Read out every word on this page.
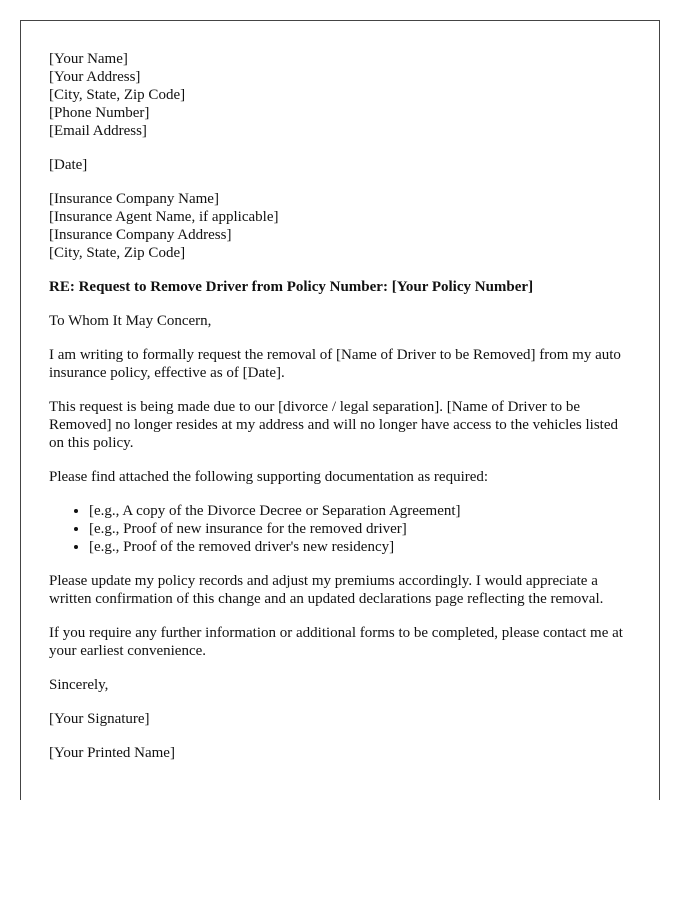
[Your Name]
[Your Address]
[City, State, Zip Code]
[Phone Number]
[Email Address]

[Date]

[Insurance Company Name]
[Insurance Agent Name, if applicable]
[Insurance Company Address]
[City, State, Zip Code]

RE: Request to Remove Driver from Policy Number: [Your Policy Number]

To Whom It May Concern,

I am writing to formally request the removal of [Name of Driver to be Removed] from my auto insurance policy, effective as of [Date].

This request is being made due to our [divorce / legal separation]. [Name of Driver to be Removed] no longer resides at my address and will no longer have access to the vehicles listed on this policy.

Please find attached the following supporting documentation as required:

• [e.g., A copy of the Divorce Decree or Separation Agreement]
• [e.g., Proof of new insurance for the removed driver]
• [e.g., Proof of the removed driver's new residency]

Please update my policy records and adjust my premiums accordingly. I would appreciate a written confirmation of this change and an updated declarations page reflecting the removal.

If you require any further information or additional forms to be completed, please contact me at your earliest convenience.

Sincerely,

[Your Signature]

[Your Printed Name]
